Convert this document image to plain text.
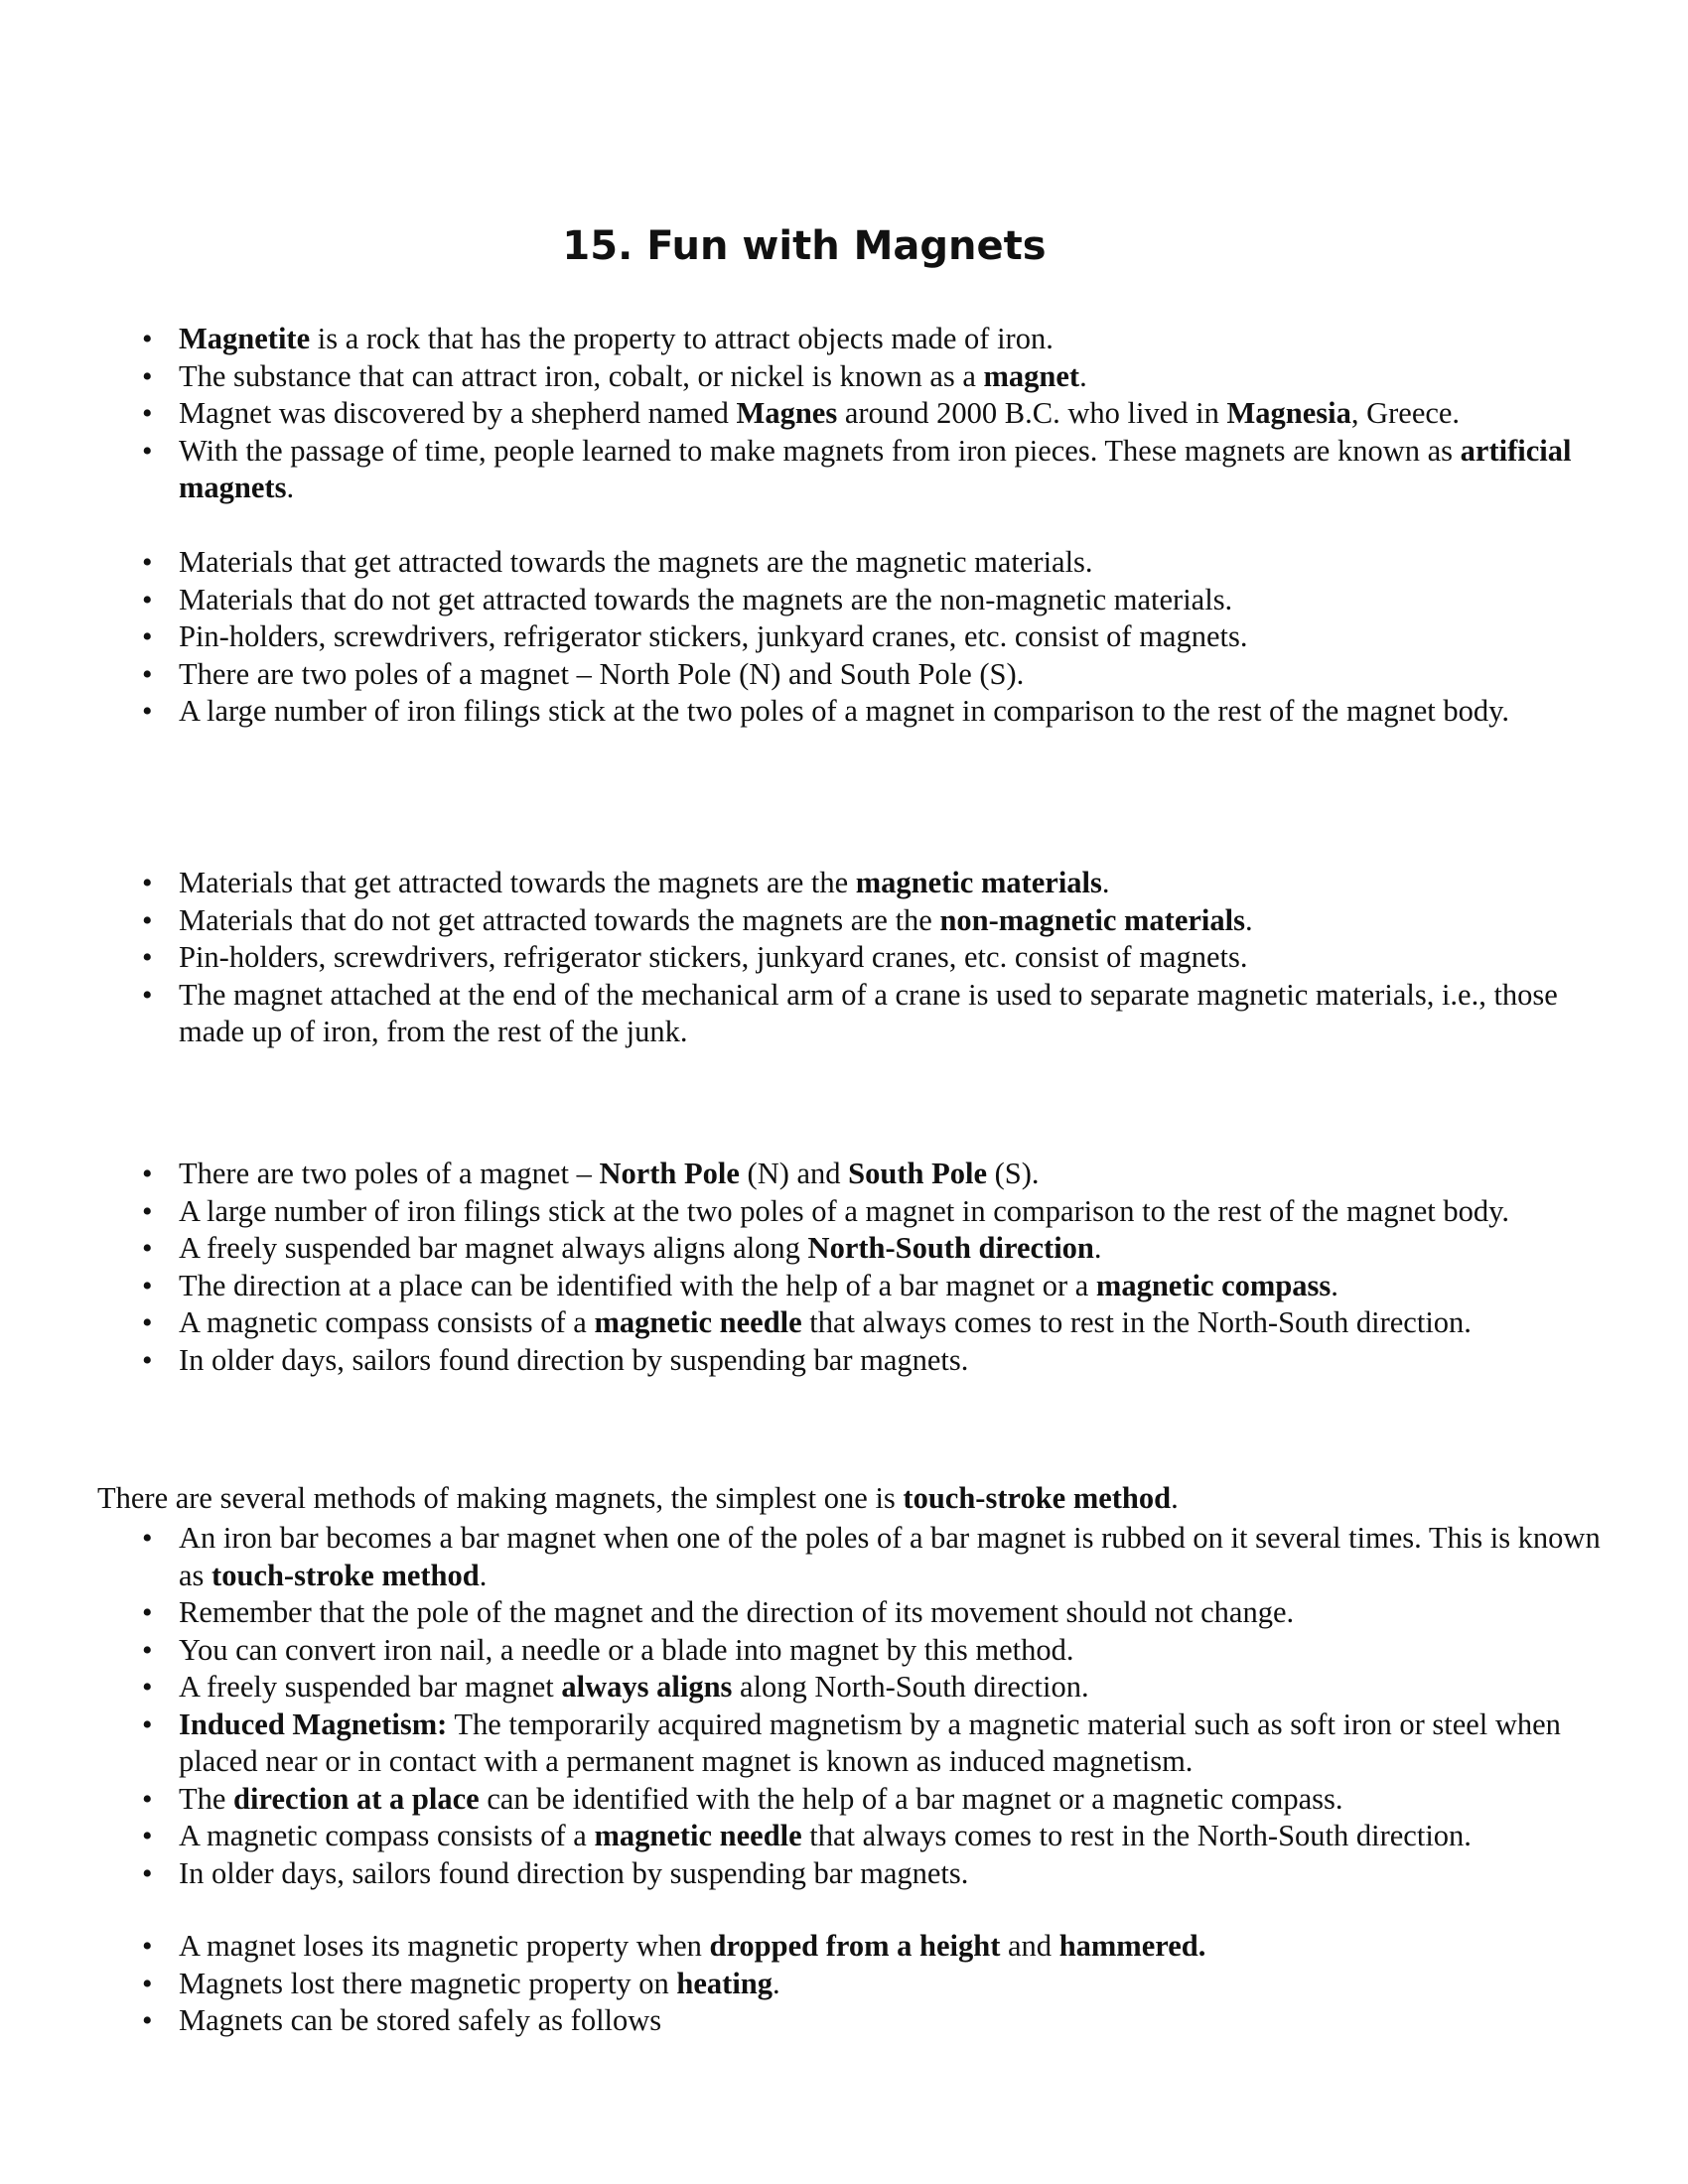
15. Fun with Magnets
• Magnetite is a rock that has the property to attract objects made of iron.
• The substance that can attract iron, cobalt, or nickel is known as a magnet.
• Magnet was discovered by a shepherd named Magnes around 2000 B.C. who lived in Magnesia, Greece.
• With the passage of time, people learned to make magnets from iron pieces. These magnets are known as artificial magnets.
• Materials that get attracted towards the magnets are the magnetic materials.
• Materials that do not get attracted towards the magnets are the non-magnetic materials.
• Pin-holders, screwdrivers, refrigerator stickers, junkyard cranes, etc. consist of magnets.
• There are two poles of a magnet – North Pole (N) and South Pole (S).
• A large number of iron filings stick at the two poles of a magnet in comparison to the rest of the magnet body.
• Materials that get attracted towards the magnets are the magnetic materials.
• Materials that do not get attracted towards the magnets are the non-magnetic materials.
• Pin-holders, screwdrivers, refrigerator stickers, junkyard cranes, etc. consist of magnets.
• The magnet attached at the end of the mechanical arm of a crane is used to separate magnetic materials, i.e., those made up of iron, from the rest of the junk.
• There are two poles of a magnet – North Pole (N) and South Pole (S).
• A large number of iron filings stick at the two poles of a magnet in comparison to the rest of the magnet body.
• A freely suspended bar magnet always aligns along North-South direction.
• The direction at a place can be identified with the help of a bar magnet or a magnetic compass.
• A magnetic compass consists of a magnetic needle that always comes to rest in the North-South direction.
• In older days, sailors found direction by suspending bar magnets.

There are several methods of making magnets, the simplest one is touch-stroke method.

• An iron bar becomes a bar magnet when one of the poles of a bar magnet is rubbed on it several times. This is known as touch-stroke method.
• Remember that the pole of the magnet and the direction of its movement should not change.
• You can convert iron nail, a needle or a blade into magnet by this method.
• A freely suspended bar magnet always aligns along North-South direction.
• Induced Magnetism: The temporarily acquired magnetism by a magnetic material such as soft iron or steel when placed near or in contact with a permanent magnet is known as induced magnetism.
• The direction at a place can be identified with the help of a bar magnet or a magnetic compass.
• A magnetic compass consists of a magnetic needle that always comes to rest in the North-South direction.
• In older days, sailors found direction by suspending bar magnets.
• A magnet loses its magnetic property when dropped from a height and hammered.
• Magnets lost there magnetic property on heating.
• Magnets can be stored safely as follows
